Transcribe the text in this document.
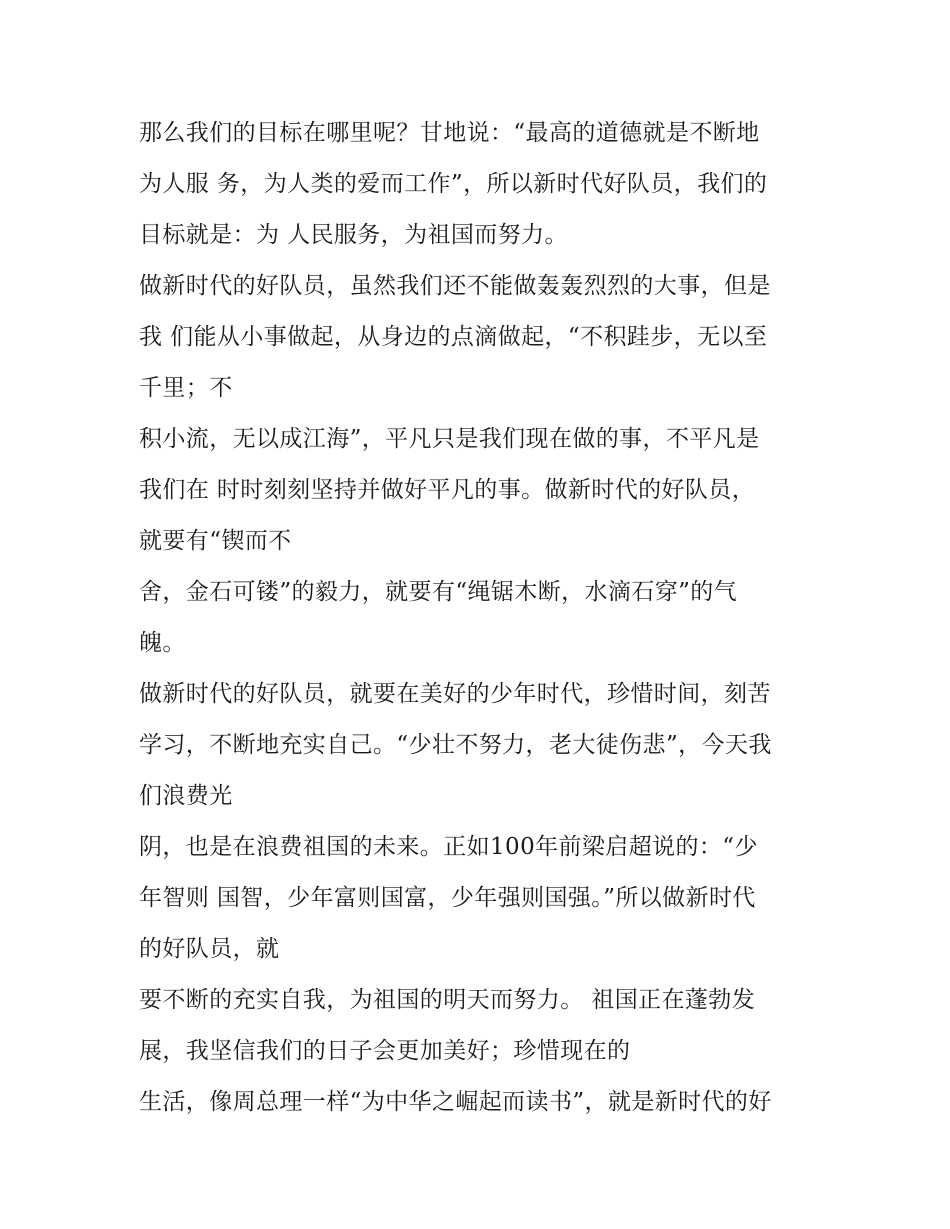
那么我们的目标在哪里呢？甘地说：“最高的道德就是不断地
为人服 务，为人类的爱而工作”，所以新时代好队员，我们的
目标就是：为 人民服务，为祖国而努力。
做新时代的好队员，虽然我们还不能做轰轰烈烈的大事，但是
我 们能从小事做起，从身边的点滴做起，“不积跬步，无以至
千里；不
积小流，无以成江海”，平凡只是我们现在做的事，不平凡是
我们在 时时刻刻坚持并做好平凡的事。做新时代的好队员，
就要有“锲而不
舍，金石可镂”的毅力，就要有“绳锯木断，水滴石穿”的气
魄。
做新时代的好队员，就要在美好的少年时代，珍惜时间，刻苦
学习，不断地充实自己。“少壮不努力，老大徒伤悲”，今天我
们浪费光
阴，也是在浪费祖国的未来。正如100年前梁启超说的：“少
年智则 国智，少年富则国富，少年强则国强。”所以做新时代
的好队员，就
要不断的充实自我，为祖国的明天而努力。 祖国正在蓬勃发
展，我坚信我们的日子会更加美好；珍惜现在的
生活，像周总理一样“为中华之崛起而读书”，就是新时代的好
